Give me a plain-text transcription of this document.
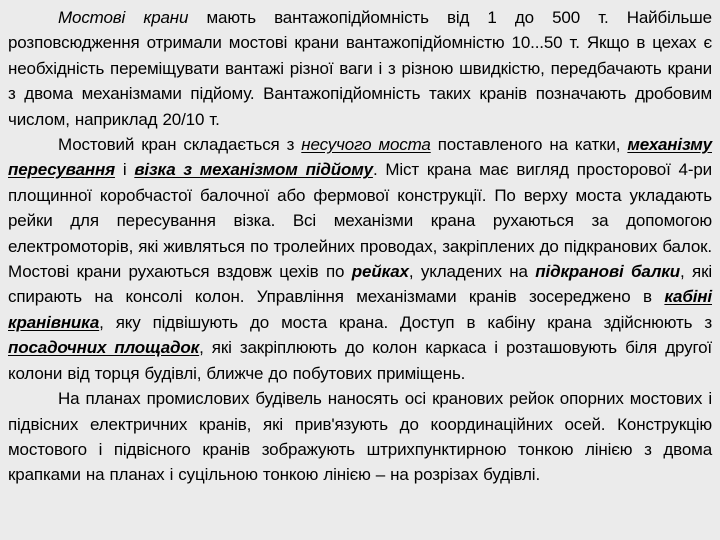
Мостові крани мають вантажопідйомність від 1 до 500 т. Найбільше розповсюдження отримали мостові крани вантажопідйомністю 10...50 т. Якщо в цехах є необхідність переміщувати вантажі різної ваги і з різною швидкістю, передбачають крани з двома механізмами підйому. Вантажопідйомність таких кранів позначають дробовим числом, наприклад 20/10 т.

Мостовий кран складається з несучого моста поставленого на катки, механізму пересування і візка з механізмом підйому. Міст крана має вигляд просторової 4-ри площинної коробчастої балочної або фермової конструкції. По верху моста укладають рейки для пересування візка. Всі механізми крана рухаються за допомогою електромоторів, які живляться по тролейних проводах, закріплених до підкранових балок. Мостові крани рухаються вздовж цехів по рейках, укладених на підкранові балки, які спирають на консолі колон. Управління механізмами кранів зосереджено в кабіні кранівника, яку підвішують до моста крана. Доступ в кабіну крана здійснюють з посадочних площадок, які закріплюють до колон каркаса і розташовують біля другої колони від торця будівлі, ближче до побутових приміщень.

На планах промислових будівель наносять осі кранових рейок опорних мостових і підвісних електричних кранів, які прив'язують до координаційних осей. Конструкцію мостового і підвісного кранів зображують штрихпунктирною тонкою лінією з двома крапками на планах і суцільною тонкою лінією – на розрізах будівлі.
